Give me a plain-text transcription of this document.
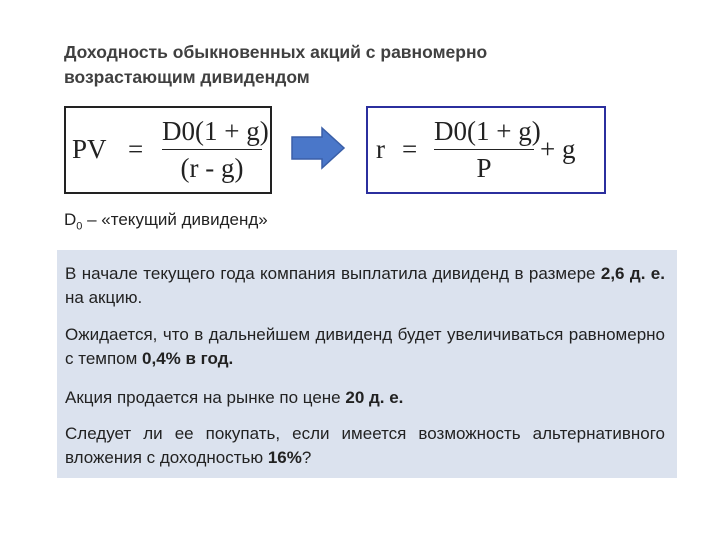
Доходность обыкновенных акций с равномерно
возрастающим дивидендом
PV =
D0(1 + g)
(r - g)
r =
D0(1 + g)
P
+ g
$D_0$ – «текущий дивиденд»

В начале текущего года компания выплатила дивиденд в размере 2,6 д. е. на акцию.

Ожидается, что в дальнейшем дивиденд будет увеличиваться равномерно с темпом 0,4% в год.

Акция продается на рынке по цене 20 д. е.

Следует ли ее покупать, если имеется возможность альтернативного вложения с доходностью 16%?
